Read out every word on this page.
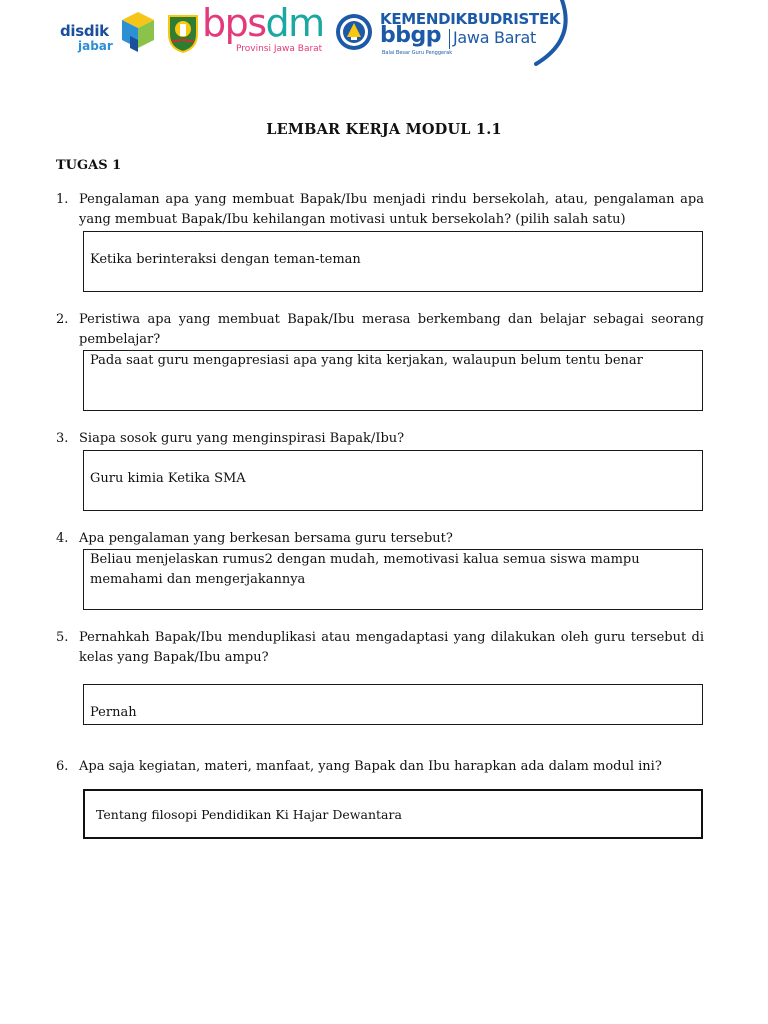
disdik
jabar
bpsdm
Provinsi Jawa Barat
KEMENDIKBUDRISTEK
bbgp Jawa Barat
Balai Besar Guru Penggerak
LEMBAR KERJA MODUL 1.1
TUGAS 1
1. Pengalaman apa yang membuat Bapak/Ibu menjadi rindu bersekolah, atau, pengalaman apa yang membuat Bapak/Ibu kehilangan motivasi untuk bersekolah? (pilih salah satu)
Ketika berinteraksi dengan teman-teman
2. Peristiwa apa yang membuat Bapak/Ibu merasa berkembang dan belajar sebagai seorang pembelajar?
Pada saat guru mengapresiasi apa yang kita kerjakan, walaupun belum tentu benar
3. Siapa sosok guru yang menginspirasi Bapak/Ibu?
Guru kimia Ketika SMA
4. Apa pengalaman yang berkesan bersama guru tersebut?
Beliau menjelaskan rumus2 dengan mudah, memotivasi kalua semua siswa mampu memahami dan mengerjakannya
5. Pernahkah Bapak/Ibu menduplikasi atau mengadaptasi yang dilakukan oleh guru tersebut di kelas yang Bapak/Ibu ampu?
Pernah
6. Apa saja kegiatan, materi, manfaat, yang Bapak dan Ibu harapkan ada dalam modul ini?
Tentang filosopi Pendidikan Ki Hajar Dewantara
